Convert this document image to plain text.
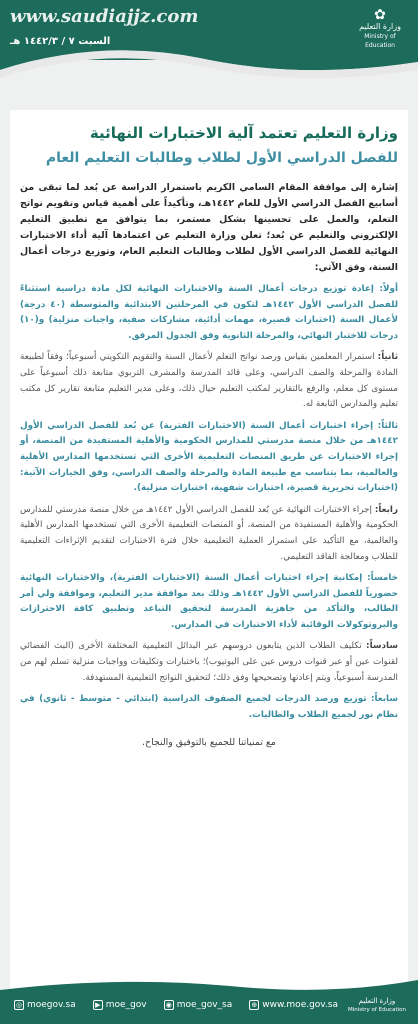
www.saudiajjz.com
السبت ٧ / ١٤٤٢/٣ هـ
✿
وزارة التعليم
Ministry of Education
وزارة التعليم تعتمد آلية الاختبارات النهائية
للفصل الدراسي الأول لطلاب وطالبات التعليم العام
إشارة إلى موافقة المقام السامي الكريم باستمرار الدراسة عن بُعد لما تبقى من أسابيع الفصل الدراسي الأول للعام ١٤٤٢هـ، وتأكيداً على أهمية قياس وتقويم نواتج التعلم، والعمل على تحسينها بشكل مستمر، بما يتوافق مع تطبيق التعليم الإلكتروني والتعليم عن بُعد؛ تعلن وزارة التعليم عن اعتمادها آلية أداء الاختبارات النهائية للفصل الدراسي الأول لطلاب وطالبات التعليم العام، وتوزيع درجات أعمال السنة، وفق الآتي:
أولاً: إعادة توزيع درجات أعمال السنة والاختبارات النهائية لكل مادة دراسية استثناءً للفصل الدراسي الأول ١٤٤٢هـ لتكون في المرحلتين الابتدائية والمتوسطة (٤٠ درجة) لأعمال السنة (اختبارات قصيرة، مهمات أدائية، مشاركات صفية، واجبات منزلية) و(١٠) درجات للاختبار النهائي، والمرحلة الثانوية وفق الجدول المرفق.
ثانياً: استمرار المعلمين بقياس ورصد نواتج التعلم لأعمال السنة والتقويم التكويني أسبوعياً؛ وفقاً لطبيعة المادة والمرحلة والصف الدراسي، وعلى قائد المدرسة والمشرف التربوي متابعة ذلك أسبوعياً على مستوى كل معلم، والرفع بالتقارير لمكتب التعليم حيال ذلك، وعلى مدير التعليم متابعة تقارير كل مكتب تعليم والمدارس التابعة له.
ثالثاً: إجراء اختبارات أعمال السنة (الاختبارات الفترية) عن بُعد للفصل الدراسي الأول ١٤٤٢هـ من خلال منصة مدرستي للمدارس الحكومية والأهلية المستفيدة من المنصة، أو إجراء الاختبارات عن طريق المنصات التعليمية الأخرى التي تستخدمها المدارس الأهلية والعالمية، بما يتناسب مع طبيعة المادة والمرحلة والصف الدراسي، وفق الخيارات الآتية: (اختبارات تحريرية قصيرة، اختبارات شفهية، اختبارات منزلية).
رابعاً: إجراء الاختبارات النهائية عن بُعد للفصل الدراسي الأول ١٤٤٢هـ من خلال منصة مدرستي للمدارس الحكومية والأهلية المستفيدة من المنصة، أو المنصات التعليمية الأخرى التي تستخدمها المدارس الأهلية والعالمية، مع التأكيد على استمرار العملية التعليمية خلال فترة الاختبارات لتقديم الإثراءات التعليمية للطلاب ومعالجة الفاقد التعليمي.
خامساً: إمكانية إجراء اختبارات أعمال السنة (الاختبارات الفترية)، والاختبارات النهائية حضورياً للفصل الدراسي الأول ١٤٤٢هـ وذلك بعد موافقة مدير التعليم، وموافقة ولي أمر الطالب، والتأكد من جاهزية المدرسة لتحقيق التباعد وتطبيق كافة الاحترازات والبروتوكولات الوقائية لأداء الاختبارات في المدارس.
سادساً: تكليف الطلاب الذين يتابعون دروسهم عبر البدائل التعليمية المختلفة الأخرى (البث الفضائي لقنوات عين أو عبر قنوات دروس عين على اليوتيوب)؛ باختبارات وتكليفات وواجبات منزلية تسلم لهم من المدرسة أسبوعياً، ويتم إعادتها وتصحيحها وفق ذلك؛ لتحقيق النواتج التعليمية المستهدفة.
سابعاً: توزيع ورصد الدرجات لجميع الصفوف الدراسية (ابتدائي - متوسط - ثانوي) في نظام نور لجميع الطلاب والطالبات.
مع تمنياتنا للجميع بالتوفيق والنجاح.
◎ moegov.sa	▶ moe_gov	◉ moe_gov_sa	⊕ www.moe.gov.sa	وزارة التعليم
Ministry of Education
